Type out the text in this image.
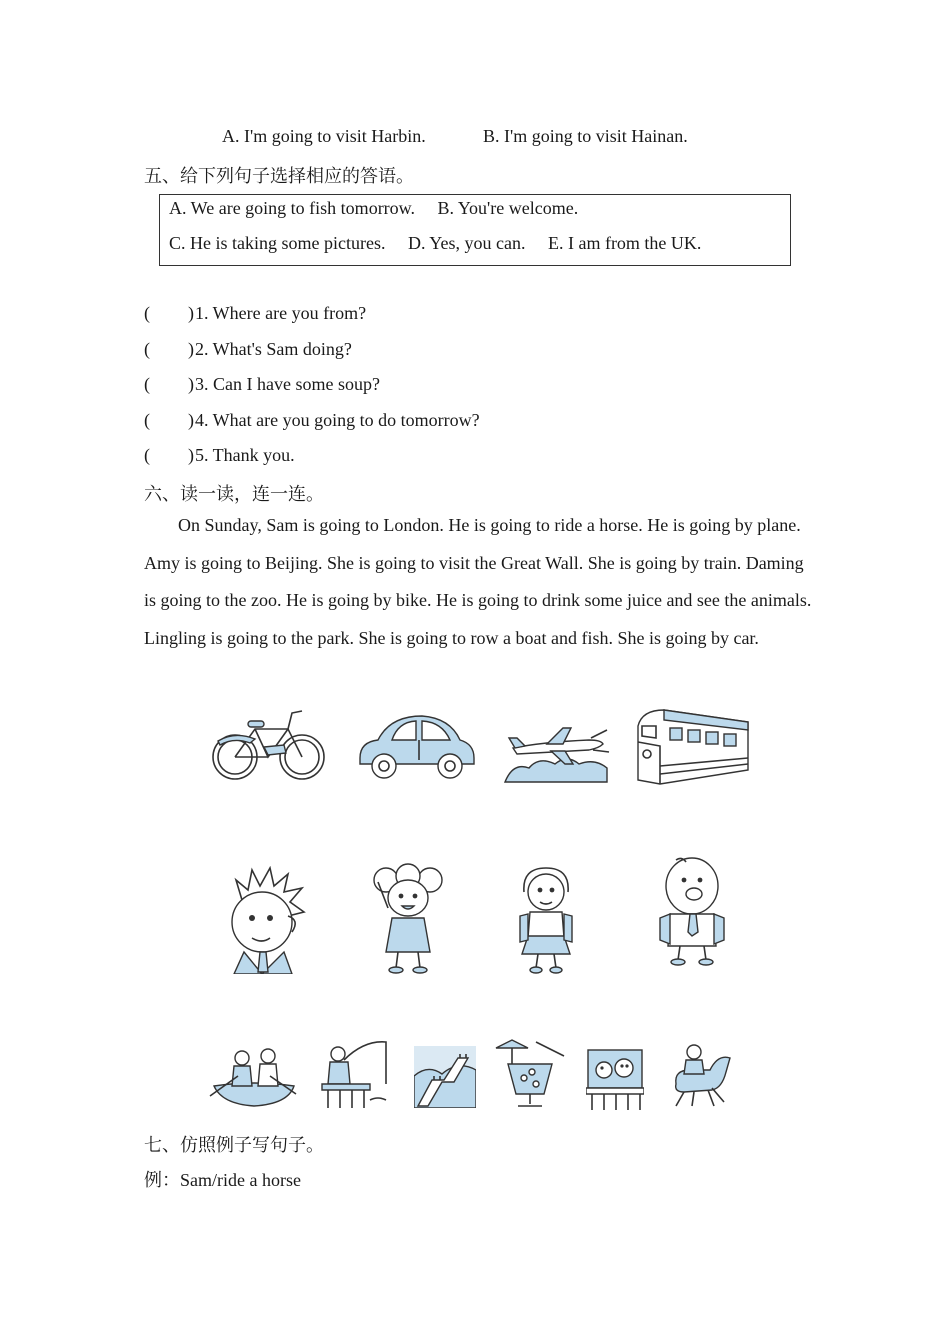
A. I'm going to visit Harbin.	B. I'm going to visit Hainan.
五、给下列句子选择相应的答语。
A. We are going to fish tomorrow.  B. You're welcome.
C. He is taking some pictures.  D. Yes, you can.  E. I am from the UK.
( ) 1. Where are you from?
( ) 2. What's Sam doing?
( ) 3. Can I have some soup?
( ) 4. What are you going to do tomorrow?
( ) 5. Thank you.
六、读一读，连一连。
On Sunday, Sam is going to London. He is going to ride a horse. He is going by plane. Amy is going to Beijing. She is going to visit the Great Wall. She is going by train. Daming is going to the zoo. He is going by bike. He is going to drink some juice and see the animals. Lingling is going to the park. She is going to row a boat and fish. She is going by car.
七、仿照例子写句子。
例：Sam/ride a horse
